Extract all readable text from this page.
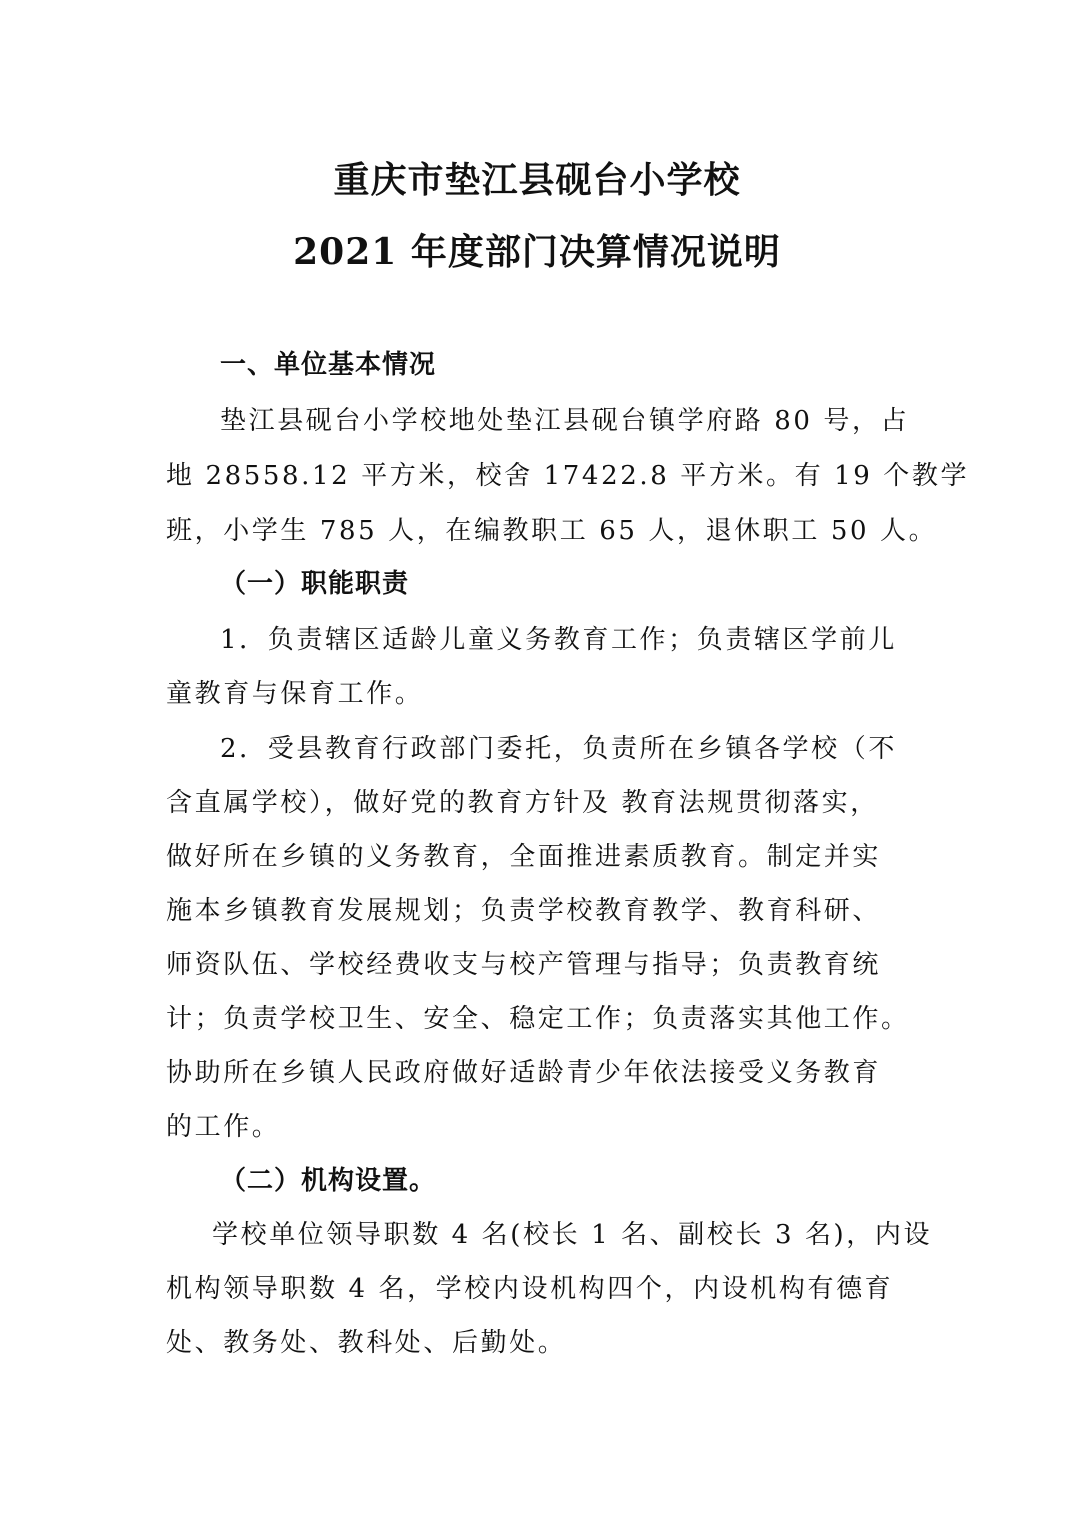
重庆市垫江县砚台小学校
2021 年度部门决算情况说明
一、单位基本情况
垫江县砚台小学校地处垫江县砚台镇学府路 80 号，占
地 28558.12 平方米，校舍 17422.8 平方米。有 19 个教学
班，小学生 785 人，在编教职工 65 人，退休职工 50 人。
（一）职能职责
1．负责辖区适龄儿童义务教育工作；负责辖区学前儿
童教育与保育工作。
2．受县教育行政部门委托，负责所在乡镇各学校（不
含直属学校），做好党的教育方针及 教育法规贯彻落实，
做好所在乡镇的义务教育，全面推进素质教育。制定并实
施本乡镇教育发展规划；负责学校教育教学、教育科研、
师资队伍、学校经费收支与校产管理与指导；负责教育统
计；负责学校卫生、安全、稳定工作；负责落实其他工作。
协助所在乡镇人民政府做好适龄青少年依法接受义务教育
的工作。
（二）机构设置。
学校单位领导职数 4 名(校长 1 名、副校长 3 名)，内设
机构领导职数 4 名，学校内设机构四个，内设机构有德育
处、教务处、教科处、后勤处。
